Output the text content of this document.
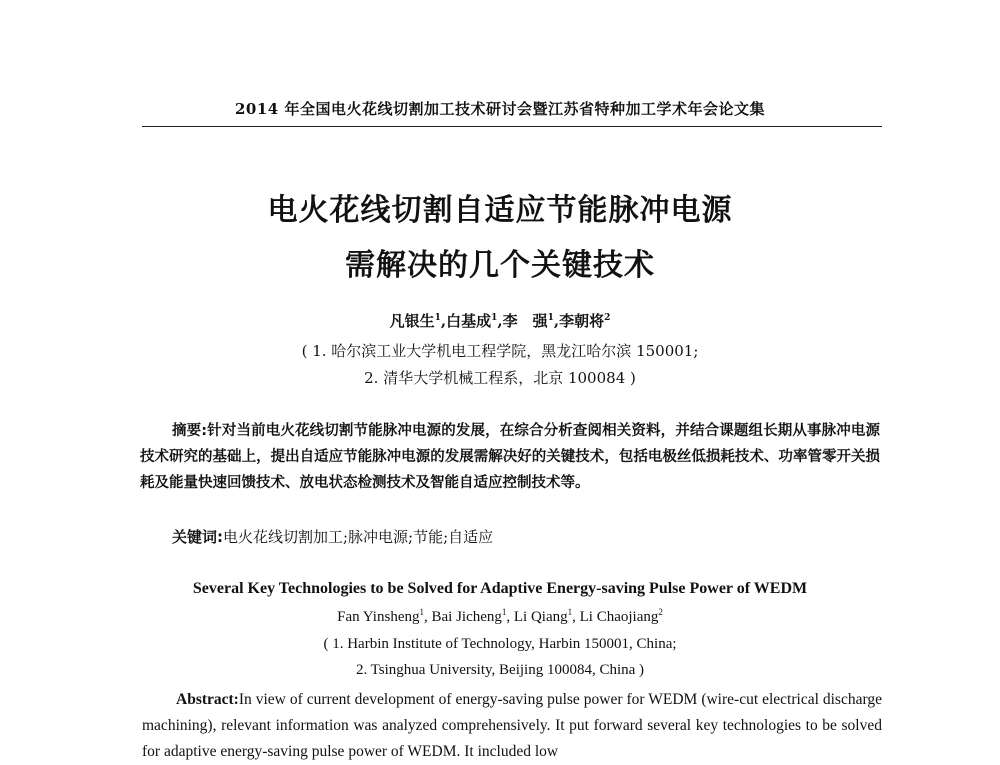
2014 年全国电火花线切割加工技术研讨会暨江苏省特种加工学术年会论文集
电火花线切割自适应节能脉冲电源
需解决的几个关键技术
凡银生$^1$,白基成$^1$,李　强$^1$,李朝将$^2$
( 1. 哈尔滨工业大学机电工程学院，黑龙江哈尔滨 150001;
2. 清华大学机械工程系，北京 100084 )
摘要:针对当前电火花线切割节能脉冲电源的发展，在综合分析查阅相关资料，并结合课题组长期从事脉冲电源技术研究的基础上，提出自适应节能脉冲电源的发展需解决好的关键技术，包括电极丝低损耗技术、功率管零开关损耗及能量快速回馈技术、放电状态检测技术及智能自适应控制技术等。
关键词:电火花线切割加工;脉冲电源;节能;自适应
Several Key Technologies to be Solved for Adaptive Energy-saving Pulse Power of WEDM
Fan Yinsheng$^1$, Bai Jicheng$^1$, Li Qiang$^1$, Li Chaojiang$^2$
( 1. Harbin Institute of Technology, Harbin 150001, China;
2. Tsinghua University, Beijing 100084, China )
Abstract:In view of current development of energy-saving pulse power for WEDM (wire-cut electrical discharge machining), relevant information was analyzed comprehensively. It put forward several key technologies to be solved for adaptive energy-saving pulse power of WEDM. It included low
